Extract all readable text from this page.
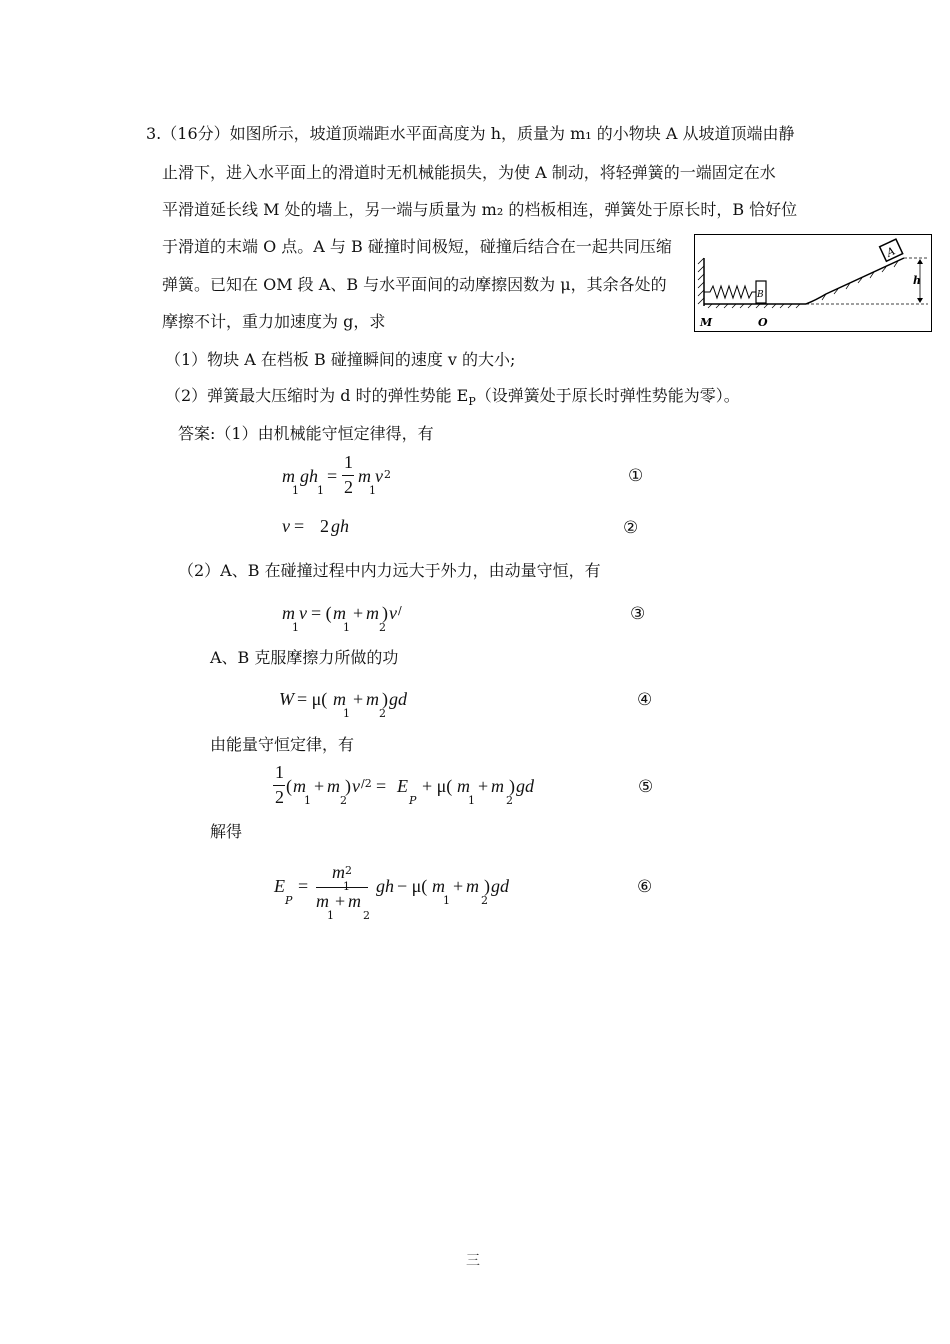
3.（16分）如图所示，坡道顶端距水平面高度为 h，质量为 m₁ 的小物块 A 从坡道顶端由静
止滑下，进入水平面上的滑道时无机械能损失，为使 A 制动，将轻弹簧的一端固定在水
平滑道延长线 M 处的墙上，另一端与质量为 m₂ 的档板相连，弹簧处于原长时，B 恰好位
于滑道的末端 O 点。A 与 B 碰撞时间极短，碰撞后结合在一起共同压缩
弹簧。已知在 OM 段 A、B 与水平面间的动摩擦因数为 μ，其余各处的
摩擦不计，重力加速度为 g，求
（1）物块 A 在档板 B 碰撞瞬间的速度 v 的大小;
（2）弹簧最大压缩时为 d 时的弹性势能 $E_P$（设弹簧处于原长时弹性势能为零）。
B
A
h
M	O
答案:（1）由机械能守恒定律得，有
m
1
gh
1
=
1
2
m
1
v 2	①
v = 2 gh	②
（2）A、B 在碰撞过程中内力远大于外力，由动量守恒，有
m
1
v = ( m
1
+ m
2
) v /	③
A、B 克服摩擦力所做的功
W = μ( m
1
+ m
2
) gd	④
由能量守恒定律，有
1
2
( m
1
+ m
2
) v /2 = E
P
+ μ( m
1
+ m
2
) gd	⑤
解得
E
P
=
m 2
1
m
1
+ m
2
gh − μ( m
1
+ m
2
) gd	⑥
三
